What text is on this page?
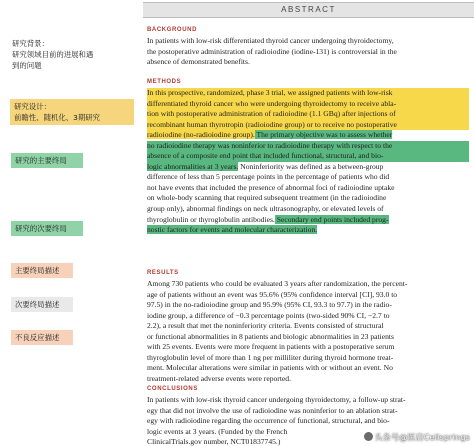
研究背景：
研究领域目前的进展和遇
到的问题
研究设计：
前瞻性、随机化、3期研究
研究的主要终局
研究的次要终局
主要终局描述
次要终局描述
不良反应描述
ABSTRACT
BACKGROUND
In patients with low-risk differentiated thyroid cancer undergoing thyroidectomy,
the postoperative administration of radioiodine (iodine-131) is controversial in the
absence of demonstrated benefits.
METHODS
In this prospective, randomized, phase 3 trial, we assigned patients with low-risk
differentiated thyroid cancer who were undergoing thyroidectomy to receive abla-
tion with postoperative administration of radioiodine (1.1 GBq) after injections of
recombinant human thyrotropin (radioiodine group) or to receive no postoperative
radioiodine (no-radioiodine group). The primary objective was to assess whether
no radioiodine therapy was noninferior to radioiodine therapy with respect to the
absence of a composite end point that included functional, structural, and bio-
logic abnormalities at 3 years. Noninferiority was defined as a between-group
difference of less than 5 percentage points in the percentage of patients who did
not have events that included the presence of abnormal foci of radioiodine uptake
on whole-body scanning that required subsequent treatment (in the radioiodine
group only), abnormal findings on neck ultrasonography, or elevated levels of
thyroglobulin or thyroglobulin antibodies. Secondary end points included prog-
nostic factors for events and molecular characterization.
RESULTS
Among 730 patients who could be evaluated 3 years after randomization, the percent-
age of patients without an event was 95.6% (95% confidence interval [CI], 93.0 to
97.5) in the no-radioiodine group and 95.9% (95% CI, 93.3 to 97.7) in the radio-
iodine group, a difference of −0.3 percentage points (two-sided 90% CI, −2.7 to
2.2), a result that met the noninferiority criteria. Events consisted of structural
or functional abnormalities in 8 patients and biologic abnormalities in 23 patients
with 25 events. Events were more frequent in patients with a postoperative serum
thyroglobulin level of more than 1 ng per milliliter during thyroid hormone treat-
ment. Molecular alterations were similar in patients with or without an event. No
treatment-related adverse events were reported.
CONCLUSIONS
In patients with low-risk thyroid cancer undergoing thyroidectomy, a follow-up strat-
egy that did not involve the use of radioiodine was noninferior to an ablation strat-
egy with radioiodine regarding the occurrence of functional, structural, and bio-
logic events at 3 years. (Funded by the French
ClinicalTrials.gov number, NCT01837745.)	头条号@医启Cellsprings
